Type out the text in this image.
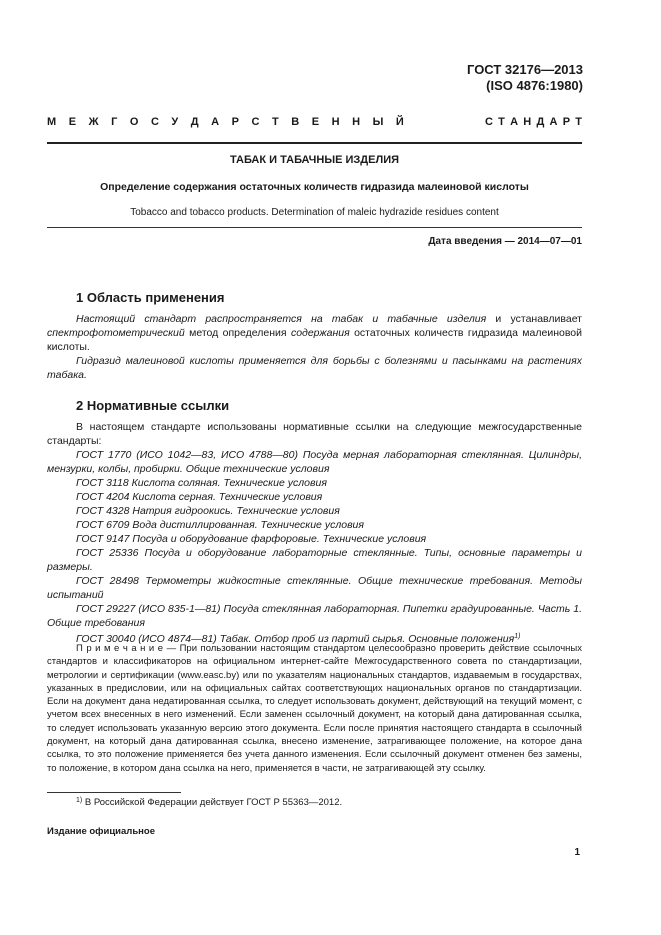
ГОСТ 32176—2013
(ISO 4876:1980)
М Е Ж Г О С У Д А Р С Т В Е Н Н Ы Й	С Т А Н Д А Р Т
ТАБАК И ТАБАЧНЫЕ ИЗДЕЛИЯ
Определение содержания остаточных количеств гидразида малеиновой кислоты
Tobacco and tobacco products. Determination of maleic hydrazide residues content
Дата введения — 2014—07—01
1 Область применения

Настоящий стандарт распространяется на табак и табачные изделия и устанавливает спектрофотометрический метод определения содержания остаточных количеств гидразида малеиновой кислоты.

Гидразид малеиновой кислоты применяется для борьбы с болезнями и пасынками на растениях табака.

2 Нормативные ссылки

В настоящем стандарте использованы нормативные ссылки на следующие межгосударственные стандарты:

ГОСТ 1770 (ИСО 1042—83, ИСО 4788—80) Посуда мерная лабораторная стеклянная. Цилиндры, мензурки, колбы, пробирки. Общие технические условия

ГОСТ 3118 Кислота соляная. Технические условия

ГОСТ 4204 Кислота серная. Технические условия

ГОСТ 4328 Натрия гидроокись. Технические условия

ГОСТ 6709 Вода дистиллированная. Технические условия

ГОСТ 9147 Посуда и оборудование фарфоровые. Технические условия

ГОСТ 25336 Посуда и оборудование лабораторные стеклянные. Типы, основные параметры и размеры.

ГОСТ 28498 Термометры жидкостные стеклянные. Общие технические требования. Методы испытаний

ГОСТ 29227 (ИСО 835-1—81) Посуда стеклянная лабораторная. Пипетки градуированные. Часть 1. Общие требования

ГОСТ 30040 (ИСО 4874—81) Табак. Отбор проб из партий сырья. Основные положения$^{1)}$

П р и м е ч а н и е — При пользовании настоящим стандартом целесообразно проверить действие ссылочных стандартов и классификаторов на официальном интернет-сайте Межгосударственного совета по стандартизации, метрологии и сертификации (www.easc.by) или по указателям национальных стандартов, издаваемым в государствах, указанных в предисловии, или на официальных сайтах соответствующих национальных органов по стандартизации. Если на документ дана недатированная ссылка, то следует использовать документ, действующий на текущий момент, с учетом всех внесенных в него изменений. Если заменен ссылочный документ, на который дана датированная ссылка, то следует использовать указанную версию этого документа. Если после принятия настоящего стандарта в ссылочный документ, на который дана датированная ссылка, внесено изменение, затрагивающее положение, на которое дана ссылка, то это положение применяется без учета данного изменения. Если ссылочный документ отменен без замены, то положение, в котором дана ссылка на него, применяется в части, не затрагивающей эту ссылку.

$^{1)}$ В Российской Федерации действует ГОСТ Р 55363—2012.
Издание официальное
1
